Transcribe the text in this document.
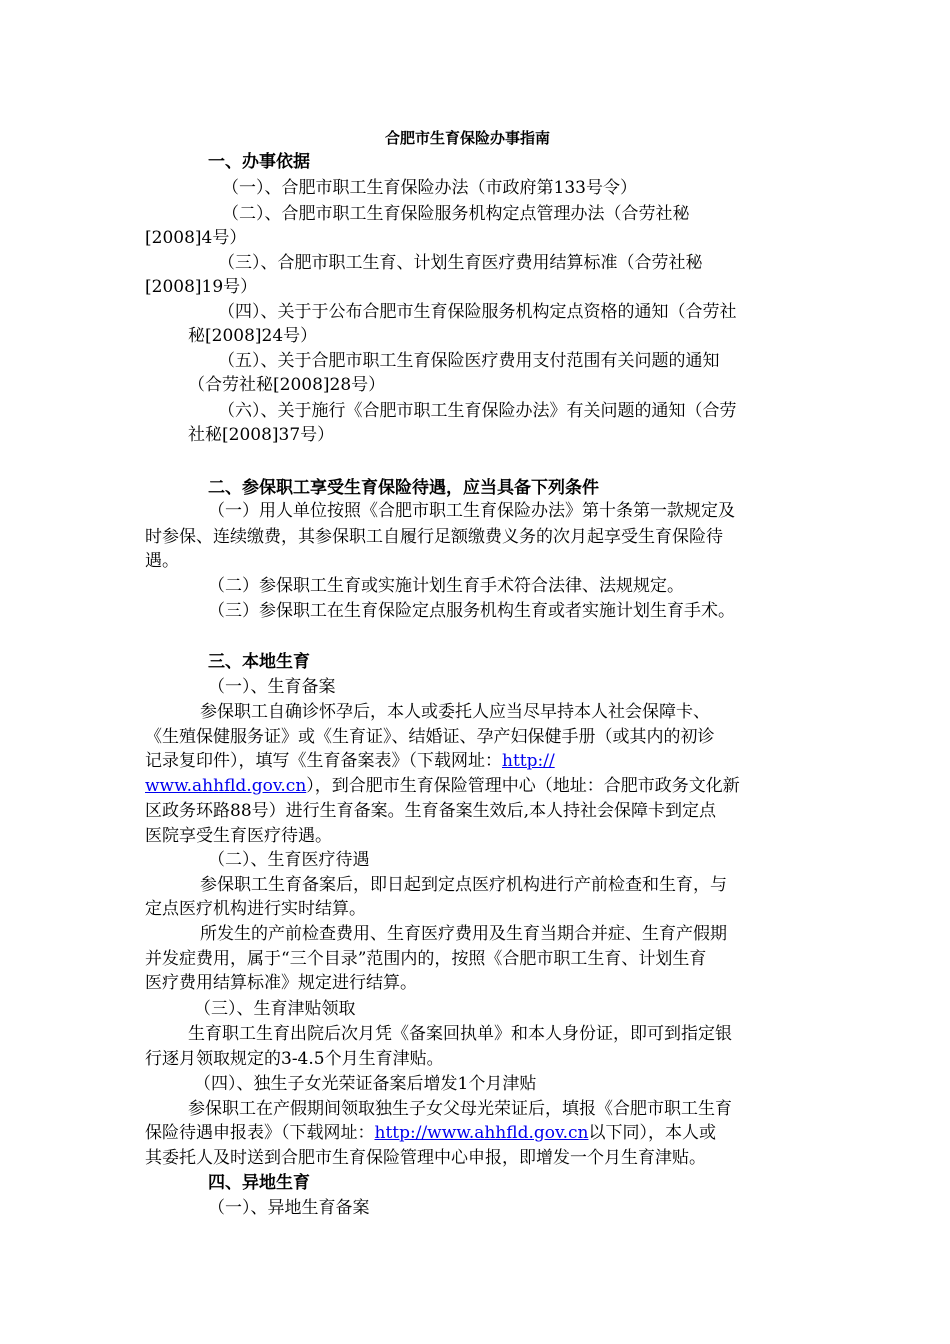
合肥市生育保险办事指南
一、办事依据
（一）、合肥市职工生育保险办法（市政府第133号令）
（二）、合肥市职工生育保险服务机构定点管理办法（合劳社秘
[2008]4号）
（三）、合肥市职工生育、计划生育医疗费用结算标准（合劳社秘
[2008]19号）
（四）、关于于公布合肥市生育保险服务机构定点资格的通知（合劳社
秘[2008]24号）
（五）、关于合肥市职工生育保险医疗费用支付范围有关问题的通知
（合劳社秘[2008]28号）
（六）、关于施行《合肥市职工生育保险办法》有关问题的通知（合劳
社秘[2008]37号）
二、参保职工享受生育保险待遇，应当具备下列条件
（一）用人单位按照《合肥市职工生育保险办法》第十条第一款规定及
时参保、连续缴费，其参保职工自履行足额缴费义务的次月起享受生育保险待
遇。
（二）参保职工生育或实施计划生育手术符合法律、法规规定。
（三）参保职工在生育保险定点服务机构生育或者实施计划生育手术。
三、本地生育
（一）、生育备案
参保职工自确诊怀孕后，本人或委托人应当尽早持本人社会保障卡、
《生殖保健服务证》或《生育证》、结婚证、孕产妇保健手册（或其内的初诊
记录复印件），填写《生育备案表》（下载网址：http://
www.ahhfld.gov.cn），到合肥市生育保险管理中心（地址：合肥市政务文化新
区政务环路88号）进行生育备案。生育备案生效后,本人持社会保障卡到定点
医院享受生育医疗待遇。
（二）、生育医疗待遇
参保职工生育备案后，即日起到定点医疗机构进行产前检查和生育，与
定点医疗机构进行实时结算。
所发生的产前检查费用、生育医疗费用及生育当期合并症、生育产假期
并发症费用，属于“三个目录”范围内的，按照《合肥市职工生育、计划生育
医疗费用结算标准》规定进行结算。
（三）、生育津贴领取
生育职工生育出院后次月凭《备案回执单》和本人身份证，即可到指定银
行逐月领取规定的3-4.5个月生育津贴。
（四）、独生子女光荣证备案后增发1个月津贴
参保职工在产假期间领取独生子女父母光荣证后，填报《合肥市职工生育
保险待遇申报表》（下载网址：http://www.ahhfld.gov.cn以下同），本人或
其委托人及时送到合肥市生育保险管理中心申报，即增发一个月生育津贴。
四、异地生育
（一）、异地生育备案
